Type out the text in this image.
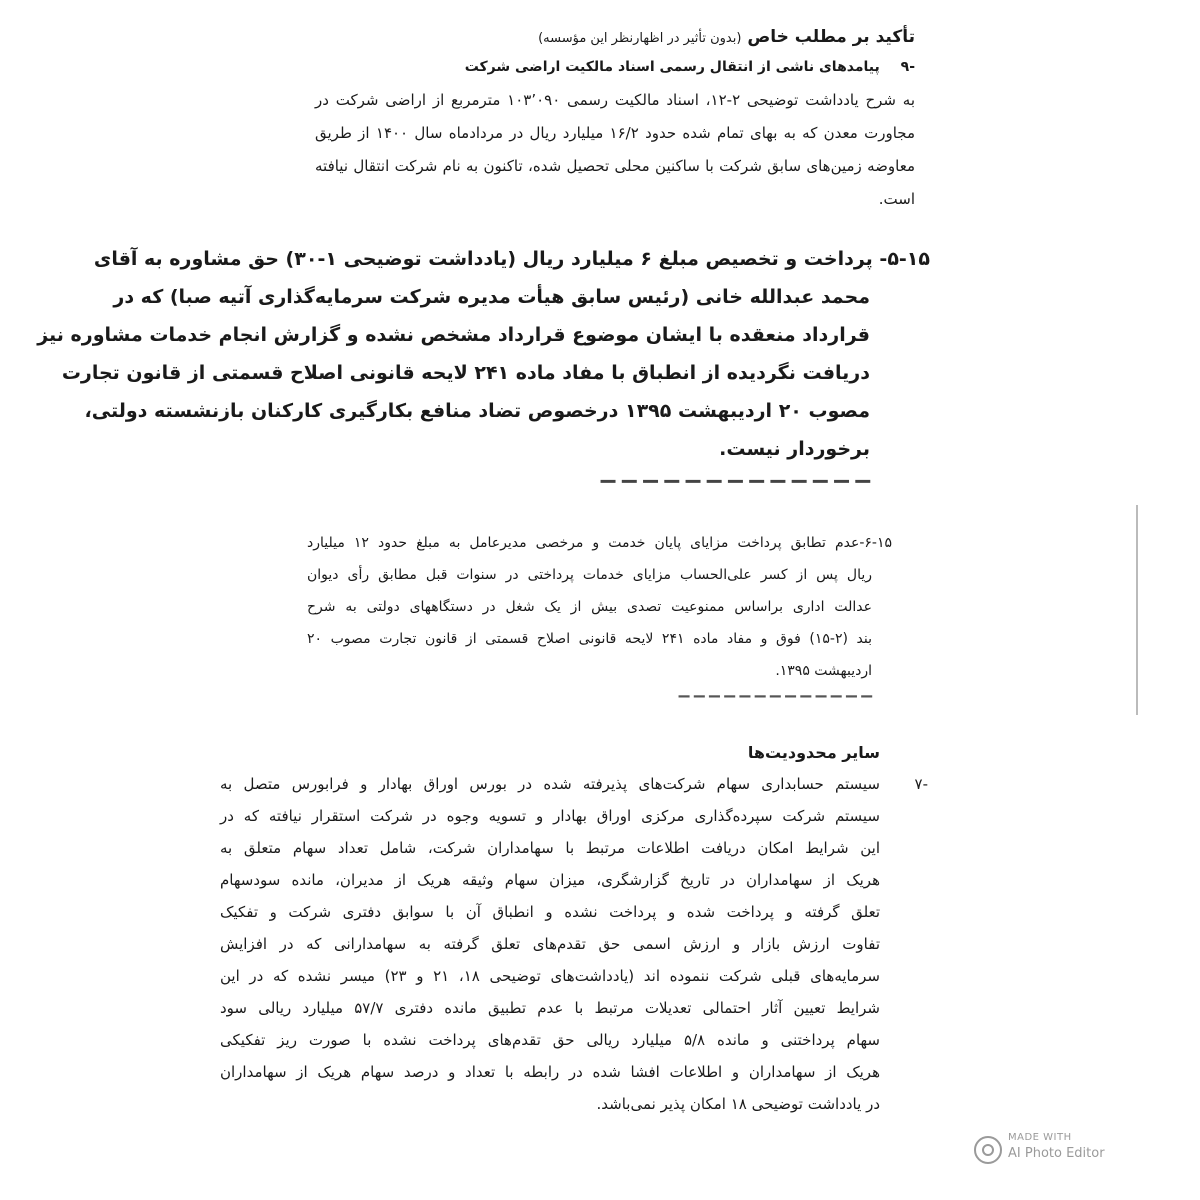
تأکید بر مطلب خاص (بدون تأثیر در اظهارنظر این مؤسسه)
-۹ پیامدهای ناشی از انتقال رسمی اسناد مالکیت اراضی شرکت
به شرح یادداشت توضیحی ۲-۱۲، اسناد مالکیت رسمی ۱۰۳٬۰۹۰ مترمربع از اراضی شرکت در
مجاورت معدن که به بهای تمام شده حدود ۱۶/۲ میلیارد ریال در مردادماه سال ۱۴۰۰ از طریق
معاوضه زمین‌های سابق شرکت با ساکنین محلی تحصیل شده، تاکنون به نام شرکت انتقال نیافته
است.
۵-۱۵- پرداخت و تخصیص مبلغ ۶ میلیارد ریال (یادداشت توضیحی ۱-۳۰) حق مشاوره به آقای
محمد عبدالله خانی (رئیس سابق هیأت مدیره شرکت سرمایه‌گذاری آتیه صبا) که در
قرارداد منعقده با ایشان موضوع قرارداد مشخص نشده و گزارش انجام خدمات مشاوره نیز
دریافت نگردیده از انطباق با مفاد ماده ۲۴۱ لایحه قانونی اصلاح قسمتی از قانون تجارت
مصوب ۲۰ اردیبهشت ۱۳۹۵ درخصوص تضاد منافع بکارگیری کارکنان بازنشسته دولتی،
برخوردار نیست.
▁ ▁ ▁ ▁ ▁ ▁ ▁ ▁ ▁ ▁ ▁ ▁ ▁
۶-۱۵-عدم تطابق پرداخت مزایای پایان خدمت و مرخصی مدیرعامل به مبلغ حدود ۱۲ میلیارد
ریال پس از کسر علی‌الحساب مزایای خدمات پرداختی در سنوات قبل مطابق رأی دیوان
عدالت اداری براساس ممنوعیت تصدی بیش از یک شغل در دستگاههای دولتی به شرح
بند (۲-۱۵) فوق و مفاد ماده ۲۴۱ لایحه قانونی اصلاح قسمتی از قانون تجارت مصوب ۲۰
اردیبهشت ۱۳۹۵.
▁ ▁ ▁ ▁ ▁ ▁ ▁ ▁ ▁ ▁ ▁ ▁ ▁
سایر محدودیت‌ها
-۷
سیستم حسابداری سهام شرکت‌های پذیرفته شده در بورس اوراق بهادار و فرابورس متصل به
سیستم شرکت سپرده‌گذاری مرکزی اوراق بهادار و تسویه وجوه در شرکت استقرار نیافته که در
این شرایط امکان دریافت اطلاعات مرتبط با سهامداران شرکت، شامل تعداد سهام متعلق به
هریک از سهامداران در تاریخ گزارشگری، میزان سهام وثیقه هریک از مدیران، مانده سودسهام
تعلق گرفته و پرداخت شده و پرداخت نشده و انطباق آن با سوابق دفتری شرکت و تفکیک
تفاوت ارزش بازار و ارزش اسمی حق تقدم‌های تعلق گرفته به سهامدارانی که در افزایش
سرمایه‌های قبلی شرکت ننموده اند (یادداشت‌های توضیحی ۱۸، ۲۱ و ۲۳) میسر نشده که در این
شرایط تعیین آثار احتمالی تعدیلات مرتبط با عدم تطبیق مانده دفتری ۵۷/۷ میلیارد ریالی سود
سهام پرداختنی و مانده ۵/۸ میلیارد ریالی حق تقدم‌های پرداخت نشده با صورت ریز تفکیکی
هریک از سهامداران و اطلاعات افشا شده در رابطه با تعداد و درصد سهام هریک از سهامداران
در یادداشت توضیحی ۱۸ امکان پذیر نمی‌باشد.
MADE WITH
AI Photo Editor
